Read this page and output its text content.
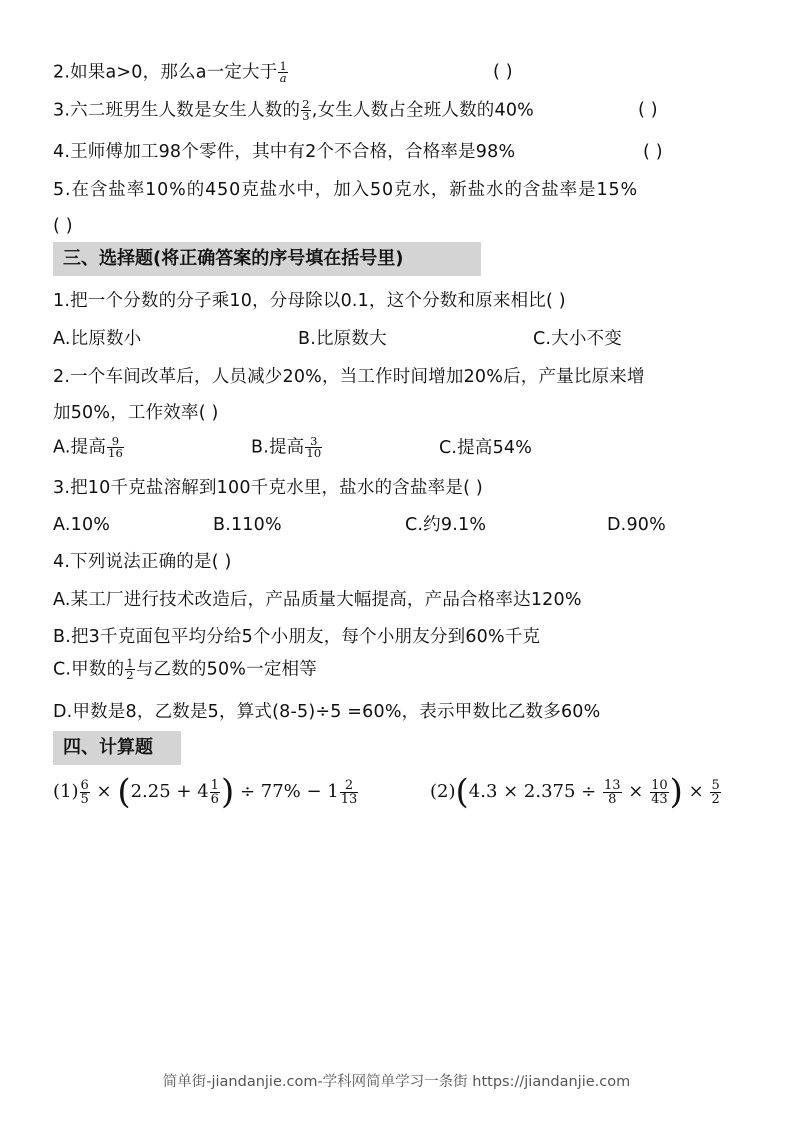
2.如果a>0，那么a一定大于 $\frac{1}{a}$	( )
3.六二班男生人数是女生人数的 $\frac{2}{3}$ ,女生人数占全班人数的40%	( )
4.王师傅加工98个零件，其中有2个不合格，合格率是98%	( )
5.在含盐率10%的450克盐水中，加入50克水，新盐水的含盐率是15%
( )
三、选择题(将正确答案的序号填在括号里)
1.把一个分数的分子乘10，分母除以0.1，这个分数和原来相比( )
A.比原数小	B.比原数大	C.大小不变
2.一个车间改革后，人员减少20%，当工作时间增加20%后，产量比原来增
加50%，工作效率( )
A.提高 $\frac{9}{16}$	B.提高 $\frac{3}{10}$	C.提高54%
3.把10千克盐溶解到100千克水里，盐水的含盐率是( )
A.10%	B.110%	C.约9.1%	D.90%
4.下列说法正确的是( )
A.某工厂进行技术改造后，产品质量大幅提高，产品合格率达120%
B.把3千克面包平均分给5个小朋友，每个小朋友分到60%千克
C.甲数的 $\frac{1}{2}$ 与乙数的50%一定相等
D.甲数是8，乙数是5，算式(8-5)÷5 =60%，表示甲数比乙数多60%
四、计算题
$(1) \frac{6}{5} \times (2.25 + 4 \frac{1}{6}$ ) ÷ $77\% - 1 \frac{2}{13}$	$(2)(4.3 \times 2.375 \div \frac{13}{8} \times \frac{10}{43}$ ) × $\frac{5}{2}$
简单街-jiandanjie.com-学科网简单学习一条街 https://jiandanjie.com
